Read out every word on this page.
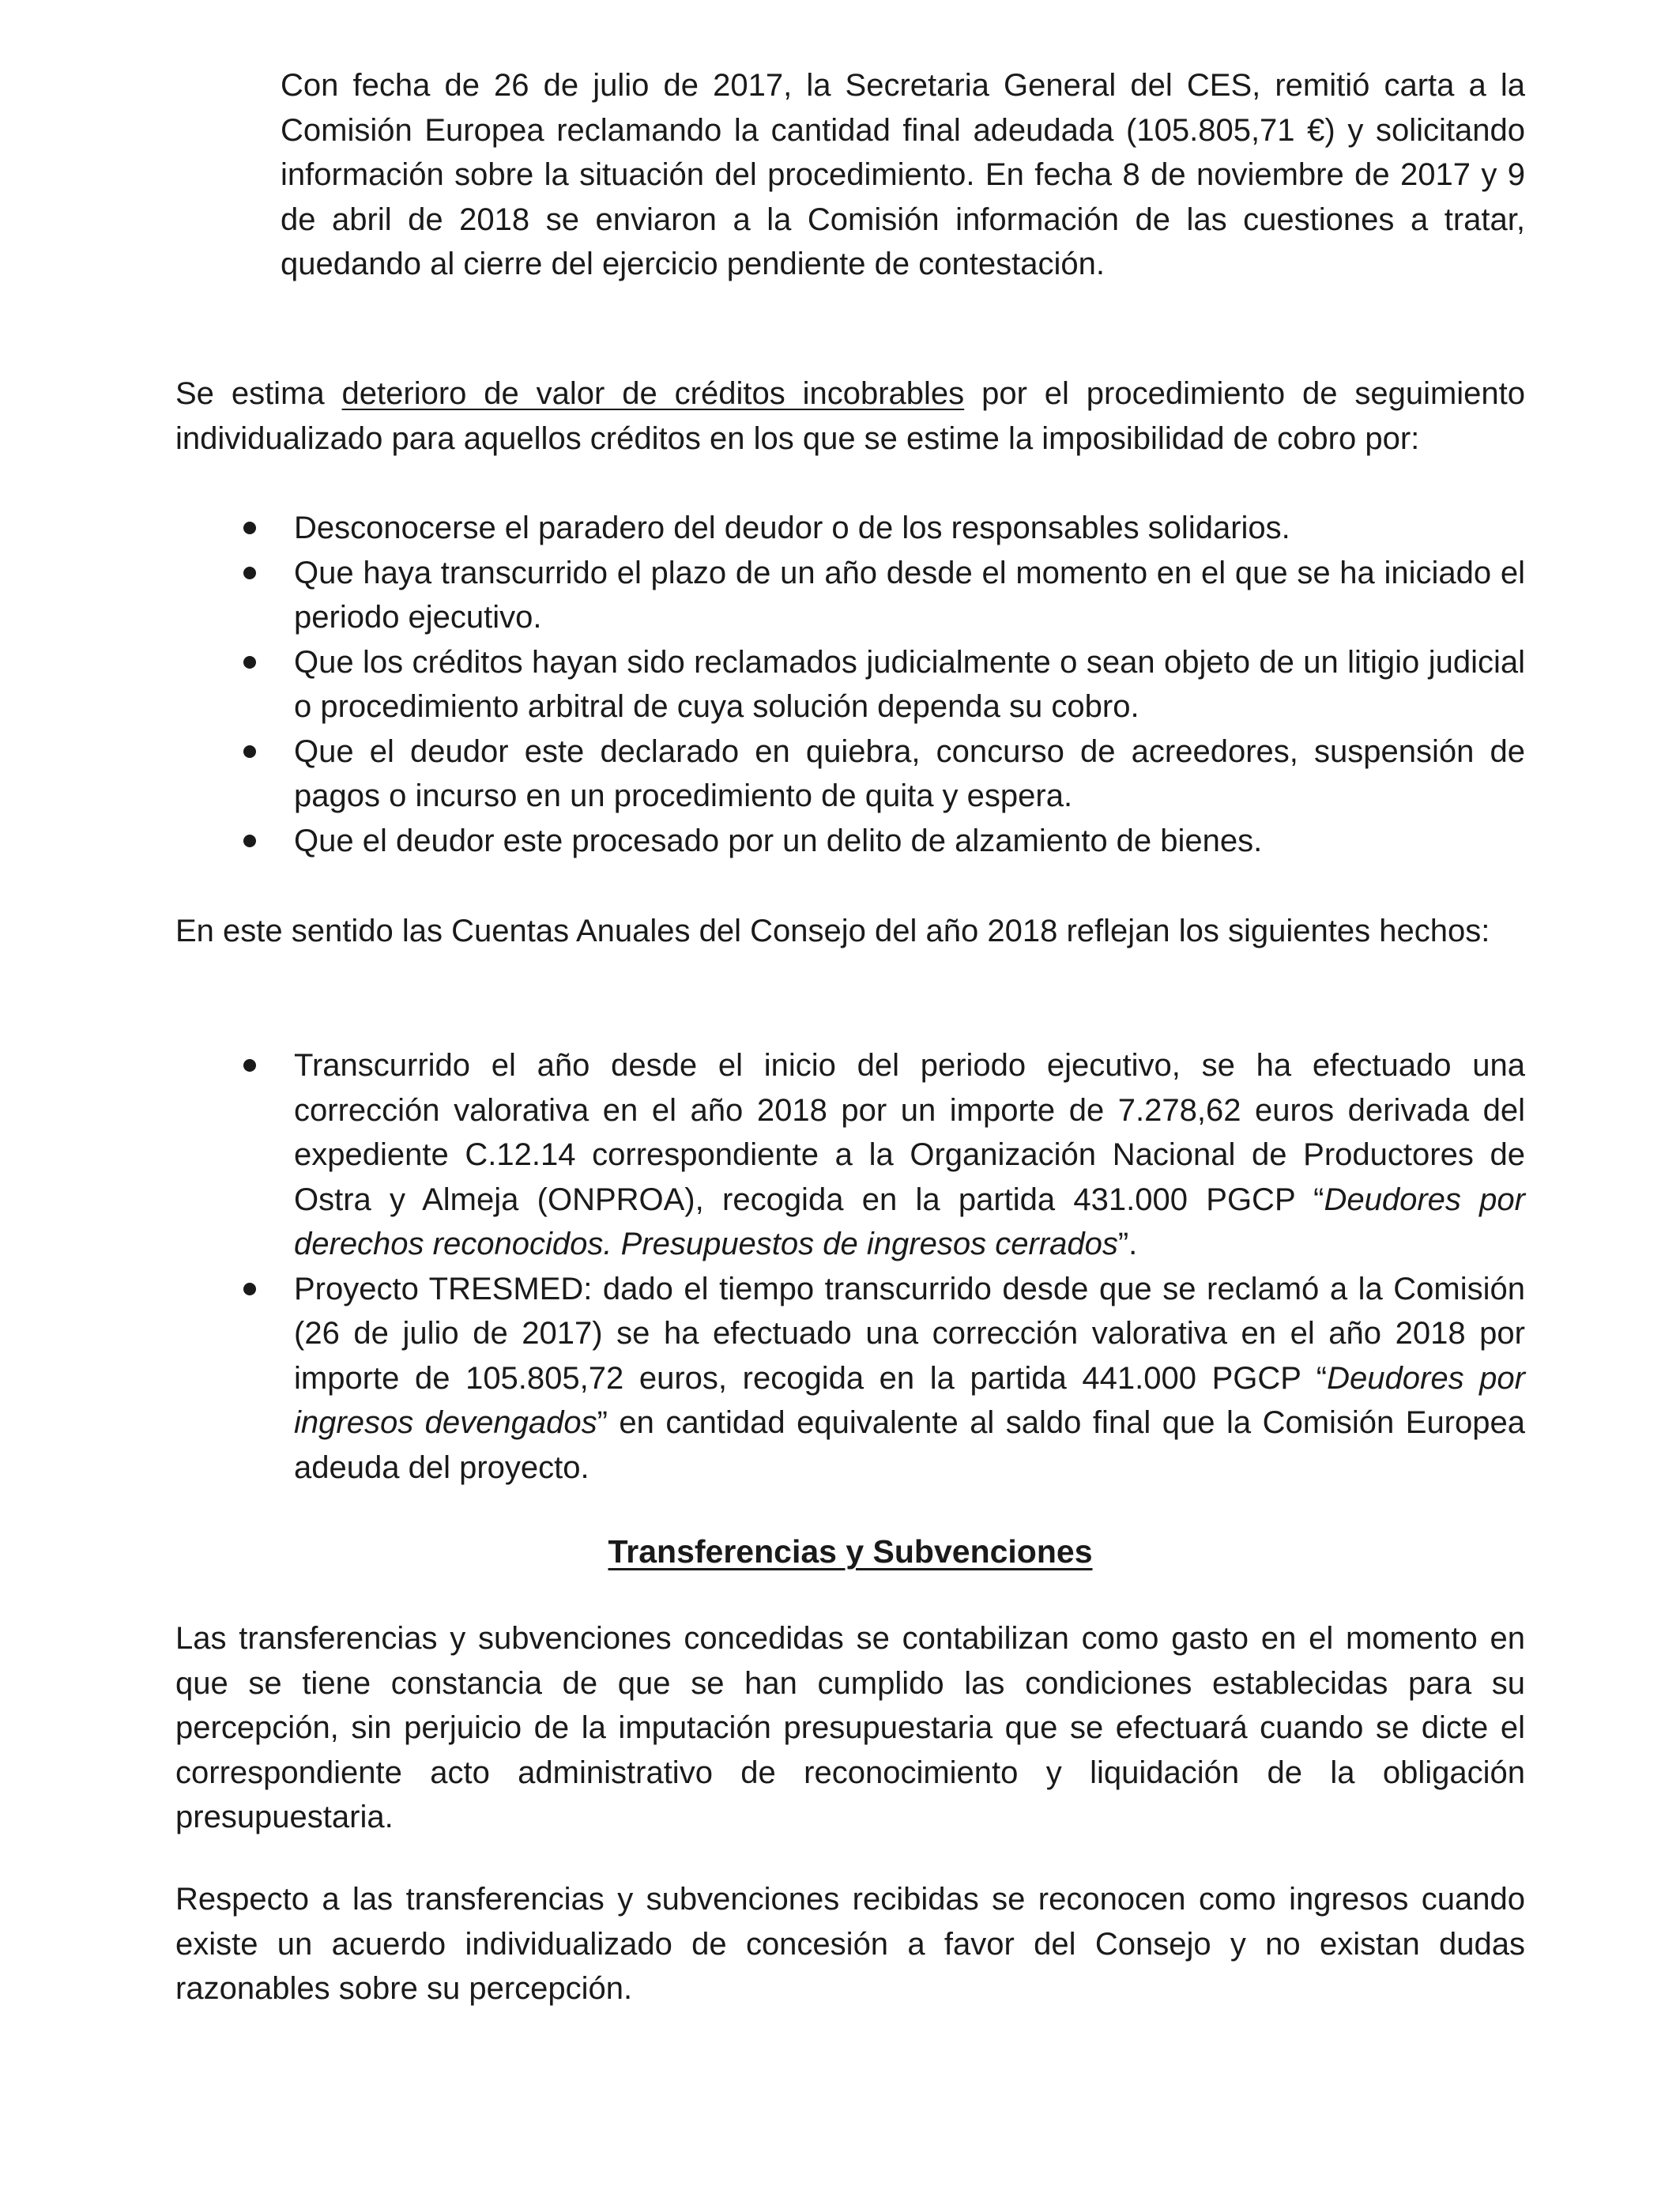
Con fecha de 26 de julio de 2017, la Secretaria General del CES, remitió carta a la Comisión Europea reclamando la cantidad final adeudada (105.805,71 €) y solicitando información sobre la situación del procedimiento. En fecha 8 de noviembre de 2017 y 9 de abril de 2018 se enviaron a la Comisión información de las cuestiones a tratar, quedando al cierre del ejercicio pendiente de contestación.

Se estima deterioro de valor de créditos incobrables por el procedimiento de seguimiento individualizado para aquellos créditos en los que se estime la imposibilidad de cobro por:

Desconocerse el paradero del deudor o de los responsables solidarios.
Que haya transcurrido el plazo de un año desde el momento en el que se ha iniciado el periodo ejecutivo.
Que los créditos hayan sido reclamados judicialmente o sean objeto de un litigio judicial o procedimiento arbitral de cuya solución dependa su cobro.
Que el deudor este declarado en quiebra, concurso de acreedores, suspensión de pagos o incurso en un procedimiento de quita y espera.
Que el deudor este procesado por un delito de alzamiento de bienes.

En este sentido las Cuentas Anuales del Consejo del año 2018 reflejan los siguientes hechos:

Transcurrido el año desde el inicio del periodo ejecutivo, se ha efectuado una corrección valorativa en el año 2018 por un importe de 7.278,62 euros derivada del expediente C.12.14 correspondiente a la Organización Nacional de Productores de Ostra y Almeja (ONPROA), recogida en la partida 431.000 PGCP “Deudores por derechos reconocidos. Presupuestos de ingresos cerrados”.
Proyecto TRESMED: dado el tiempo transcurrido desde que se reclamó a la Comisión (26 de julio de 2017) se ha efectuado una corrección valorativa en el año 2018 por importe de 105.805,72 euros, recogida en la partida 441.000 PGCP “Deudores por ingresos devengados” en cantidad equivalente al saldo final que la Comisión Europea adeuda del proyecto.
Transferencias y Subvenciones

Las transferencias y subvenciones concedidas se contabilizan como gasto en el momento en que se tiene constancia de que se han cumplido las condiciones establecidas para su percepción, sin perjuicio de la imputación presupuestaria que se efectuará cuando se dicte el correspondiente acto administrativo de reconocimiento y liquidación de la obligación presupuestaria.

Respecto a las transferencias y subvenciones recibidas se reconocen como ingresos cuando existe un acuerdo individualizado de concesión a favor del Consejo y no existan dudas razonables sobre su percepción.
